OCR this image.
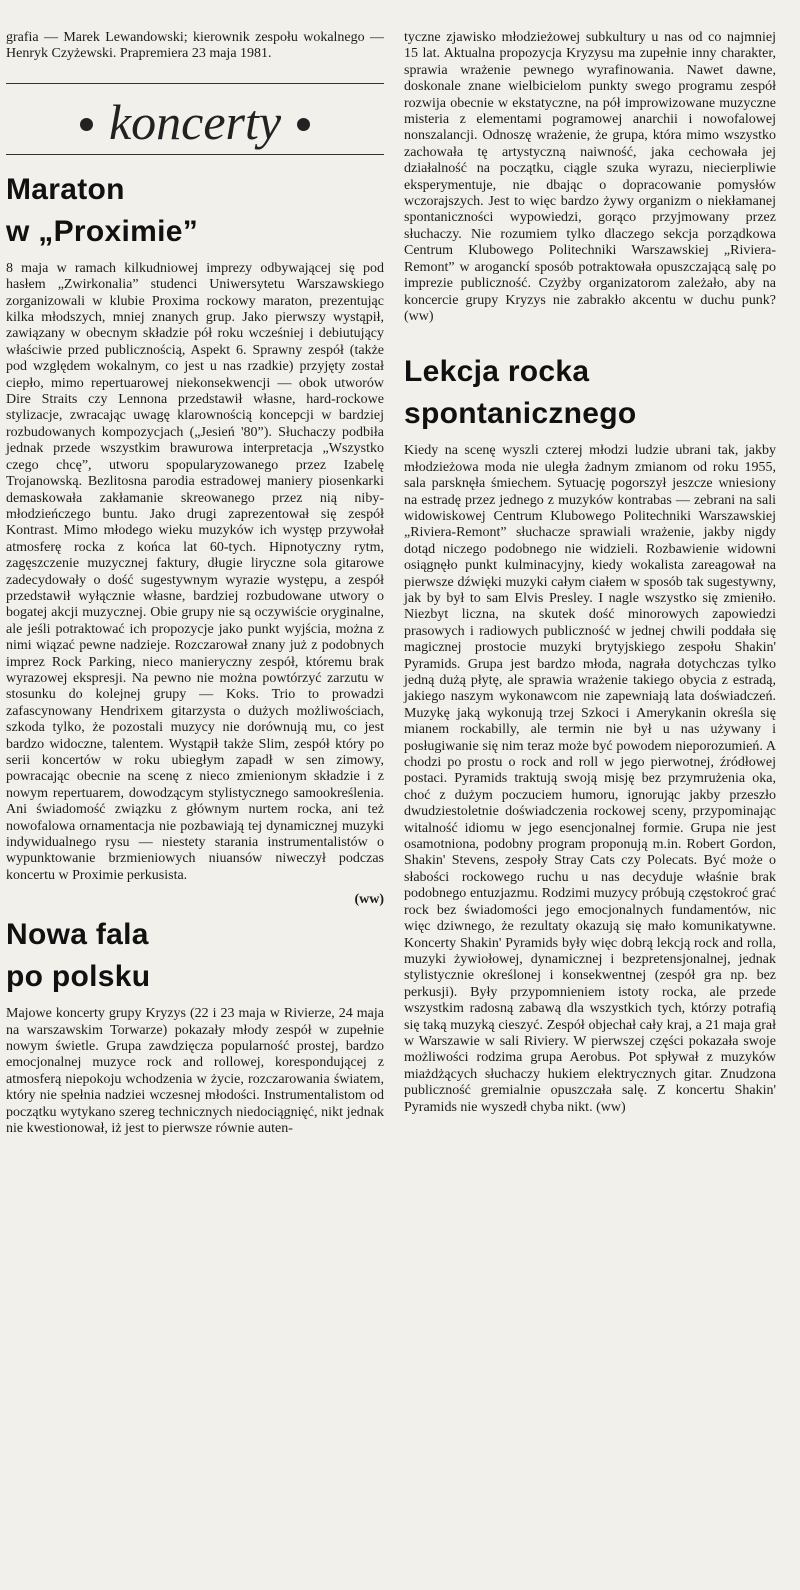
grafia — Marek Lewandowski; kierownik zespołu wokalnego — Henryk Czyżewski. Prapremiera 23 maja 1981.

koncerty
Maraton
w „Proximie”

8 maja w ramach kilkudniowej imprezy odbywającej się pod hasłem „Zwirkonalia” studenci Uniwersytetu Warszawskiego zorganizowali w klubie Proxima rockowy maraton, prezentując kilka młodszych, mniej znanych grup. Jako pierwszy wystąpił, zawiązany w obecnym składzie pół roku wcześniej i debiutujący właściwie przed publicznością, Aspekt 6. Sprawny zespół (także pod względem wokalnym, co jest u nas rzadkie) przyjęty został ciepło, mimo repertuarowej niekonsekwencji — obok utworów Dire Straits czy Lennona przedstawił własne, hard-rockowe stylizacje, zwracając uwagę klarownością koncepcji w bardziej rozbudowanych kompozycjach („Jesień '80”). Słuchaczy podbiła jednak przede wszystkim brawurowa interpretacja „Wszystko czego chcę”, utworu spopularyzowanego przez Izabelę Trojanowską. Bezlitosna parodia estradowej maniery piosenkarki demaskowała zakłamanie skreowanego przez nią niby-młodzieńczego buntu. Jako drugi zaprezentował się zespół Kontrast. Mimo młodego wieku muzyków ich występ przywołał atmosferę rocka z końca lat 60-tych. Hipnotyczny rytm, zagęszczenie muzycznej faktury, długie liryczne sola gitarowe zadecydowały o dość sugestywnym wyrazie występu, a zespół przedstawił wyłącznie własne, bardziej rozbudowane utwory o bogatej akcji muzycznej. Obie grupy nie są oczywiście oryginalne, ale jeśli potraktować ich propozycje jako punkt wyjścia, można z nimi wiązać pewne nadzieje. Rozczarował znany już z podobnych imprez Rock Parking, nieco manieryczny zespół, któremu brak wyrazowej ekspresji. Na pewno nie można powtórzyć zarzutu w stosunku do kolejnej grupy — Koks. Trio to prowadzi zafascynowany Hendrixem gitarzysta o dużych możliwościach, szkoda tylko, że pozostali muzycy nie dorównują mu, co jest bardzo widoczne, talentem. Wystąpił także Slim, zespół który po serii koncertów w roku ubiegłym zapadł w sen zimowy, powracając obecnie na scenę z nieco zmienionym składzie i z nowym repertuarem, dowodzącym stylistycznego samookreślenia. Ani świadomość związku z głównym nurtem rocka, ani też nowofalowa ornamentacja nie pozbawiają tej dynamicznej muzyki indywidualnego rysu — niestety starania instrumentalistów o wypunktowanie brzmieniowych niuansów niweczył podczas koncertu w Proximie perkusista.

(ww)
Nowa fala
po polsku

Majowe koncerty grupy Kryzys (22 i 23 maja w Rivierze, 24 maja na warszawskim Torwarze) pokazały młody zespół w zupełnie nowym świetle. Grupa zawdzięcza popularność prostej, bardzo emocjonalnej muzyce rock and rollowej, korespondującej z atmosferą niepokoju wchodzenia w życie, rozczarowania światem, który nie spełnia nadziei wczesnej młodości. Instrumentalistom od początku wytykano szereg technicznych niedociągnięć, nikt jednak nie kwestionował, iż jest to pierwsze równie auten-

tyczne zjawisko młodzieżowej subkultury u nas od co najmniej 15 lat. Aktualna propozycja Kryzysu ma zupełnie inny charakter, sprawia wrażenie pewnego wyrafinowania. Nawet dawne, doskonale znane wielbicielom punkty swego programu zespół rozwija obecnie w ekstatyczne, na pół improwizowane muzyczne misteria z elementami pogramowej anarchii i nowofalowej nonszalancji. Odnoszę wrażenie, że grupa, która mimo wszystko zachowała tę artystyczną naiwność, jaka cechowała jej działalność na początku, ciągle szuka wyrazu, niecierpliwie eksperymentuje, nie dbając o dopracowanie pomysłów wczorajszych. Jest to więc bardzo żywy organizm o niekłamanej spontaniczności wypowiedzi, gorąco przyjmowany przez słuchaczy. Nie rozumiem tylko dlaczego sekcja porządkowa Centrum Klubowego Politechniki Warszawskiej „Riviera-Remont” w aroganckí sposób potraktowała opuszczającą salę po imprezie publiczność. Czyżby organizatorom zależało, aby na koncercie grupy Kryzys nie zabrakło akcentu w duchu punk? (ww)

Lekcja rocka
spontanicznego

Kiedy na scenę wyszli czterej młodzi ludzie ubrani tak, jakby młodzieżowa moda nie uległa żadnym zmianom od roku 1955, sala parsknęła śmiechem. Sytuację pogorszył jeszcze wniesiony na estradę przez jednego z muzyków kontrabas — zebrani na sali widowiskowej Centrum Klubowego Politechniki Warszawskiej „Riviera-Remont” słuchacze sprawiali wrażenie, jakby nigdy dotąd niczego podobnego nie widzieli. Rozbawienie widowni osiągnęło punkt kulminacyjny, kiedy wokalista zareagował na pierwsze dźwięki muzyki całym ciałem w sposób tak sugestywny, jak by był to sam Elvis Presley. I nagle wszystko się zmieniło. Niezbyt liczna, na skutek dość minorowych zapowiedzi prasowych i radiowych publiczność w jednej chwili poddała się magicznej prostocie muzyki brytyjskiego zespołu Shakin' Pyramids. Grupa jest bardzo młoda, nagrała dotychczas tylko jedną dużą płytę, ale sprawia wrażenie takiego obycia z estradą, jakiego naszym wykonawcom nie zapewniają lata doświadczeń. Muzykę jaką wykonują trzej Szkoci i Amerykanin określa się mianem rockabilly, ale termin nie był u nas używany i posługiwanie się nim teraz może być powodem nieporozumień. A chodzi po prostu o rock and roll w jego pierwotnej, źródłowej postaci. Pyramids traktują swoją misję bez przymrużenia oka, choć z dużym poczuciem humoru, ignorując jakby przeszło dwudziestoletnie doświadczenia rockowej sceny, przypominając witalność idiomu w jego esencjonalnej formie. Grupa nie jest osamotniona, podobny program proponują m.in. Robert Gordon, Shakin' Stevens, zespoły Stray Cats czy Polecats. Być może o słabości rockowego ruchu u nas decyduje właśnie brak podobnego entuzjazmu. Rodzimi muzycy próbują częstokroć grać rock bez świadomości jego emocjonalnych fundamentów, nic więc dziwnego, że rezultaty okazują się mało komunikatywne. Koncerty Shakin' Pyramids były więc dobrą lekcją rock and rolla, muzyki żywiołowej, dynamicznej i bezpretensjonalnej, jednak stylistycznie określonej i konsekwentnej (zespół gra np. bez perkusji). Były przypomnieniem istoty rocka, ale przede wszystkim radosną zabawą dla wszystkich tych, którzy potrafią się taką muzyką cieszyć. Zespół objechał cały kraj, a 21 maja grał w Warszawie w sali Riviery. W pierwszej części pokazała swoje możliwości rodzima grupa Aerobus. Pot spływał z muzyków miażdżących słuchaczy hukiem elektrycznych gitar. Znudzona publiczność gremialnie opuszczała salę. Z koncertu Shakin' Pyramids nie wyszedł chyba nikt. (ww)
